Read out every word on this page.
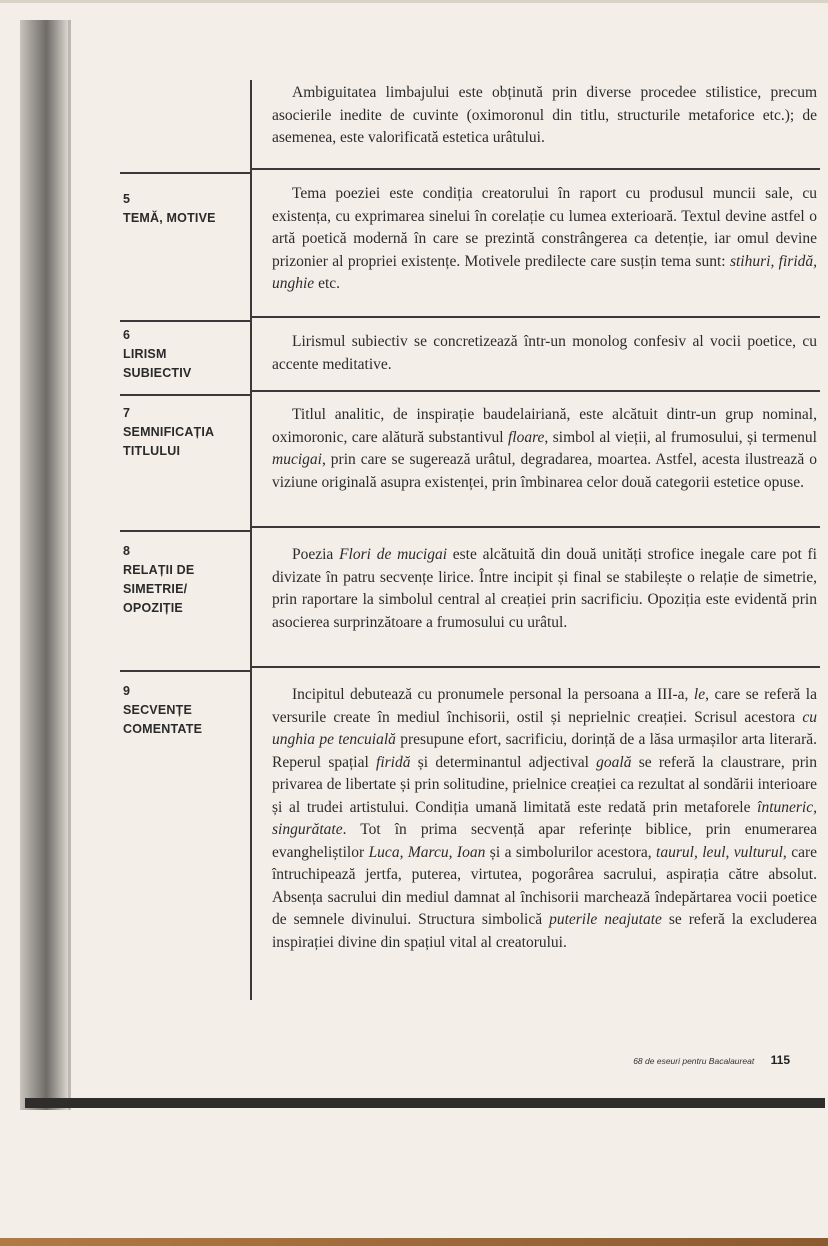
Ambiguitatea limbajului este obținută prin diverse procedee stilistice, precum asocierile inedite de cuvinte (oximoronul din titlu, structurile metaforice etc.); de asemenea, este valorificată estetica urâtului.

5
TEMĂ, MOTIVE

Tema poeziei este condiția creatorului în raport cu produsul muncii sale, cu existența, cu exprimarea sinelui în corelație cu lumea exterioară. Textul devine astfel o artă poetică modernă în care se prezintă constrângerea ca detenție, iar omul devine prizonier al propriei existențe. Motivele predilecte care susțin tema sunt: stihuri, firidă, unghie etc.

6
LIRISM SUBIECTIV

Lirismul subiectiv se concretizează într-un monolog confesiv al vocii poetice, cu accente meditative.

7
SEMNIFICAȚIA TITLULUI

Titlul analitic, de inspirație baudelairiană, este alcătuit dintr-un grup nominal, oximoronic, care alătură substantivul floare, simbol al vieții, al frumosului, și termenul mucigai, prin care se sugerează urâtul, degradarea, moartea. Astfel, acesta ilustrează o viziune originală asupra existenței, prin îmbinarea celor două categorii estetice opuse.

8
RELAȚII DE SIMETRIE/ OPOZIȚIE

Poezia Flori de mucigai este alcătuită din două unități strofice inegale care pot fi divizate în patru secvențe lirice. Între incipit și final se stabilește o relație de simetrie, prin raportare la simbolul central al creației prin sacrificiu. Opoziția este evidentă prin asocierea surprinzătoare a frumosului cu urâtul.

9
SECVENȚE COMENTATE

Incipitul debutează cu pronumele personal la persoana a III-a, le, care se referă la versurile create în mediul închisorii, ostil și neprielnic creației. Scrisul acestora cu unghia pe tencuială presupune efort, sacrificiu, dorință de a lăsa urmașilor arta literară. Reperul spațial firidă și determinantul adjectival goală se referă la claustrare, prin privarea de libertate și prin solitudine, prielnice creației ca rezultat al sondării interioare și al trudei artistului. Condiția umană limitată este redată prin metaforele întuneric, singurătate. Tot în prima secvență apar referințe biblice, prin enumerarea evangheliștilor Luca, Marcu, Ioan și a simbolurilor acestora, taurul, leul, vulturul, care întruchipează jertfa, puterea, virtutea, pogorârea sacrului, aspirația către absolut. Absența sacrului din mediul damnat al închisorii marchează îndepărtarea vocii poetice de semnele divinului. Structura simbolică puterile neajutate se referă la excluderea inspirației divine din spațiul vital al creatorului.

68 de eseuri pentru Bacalaureat 115
